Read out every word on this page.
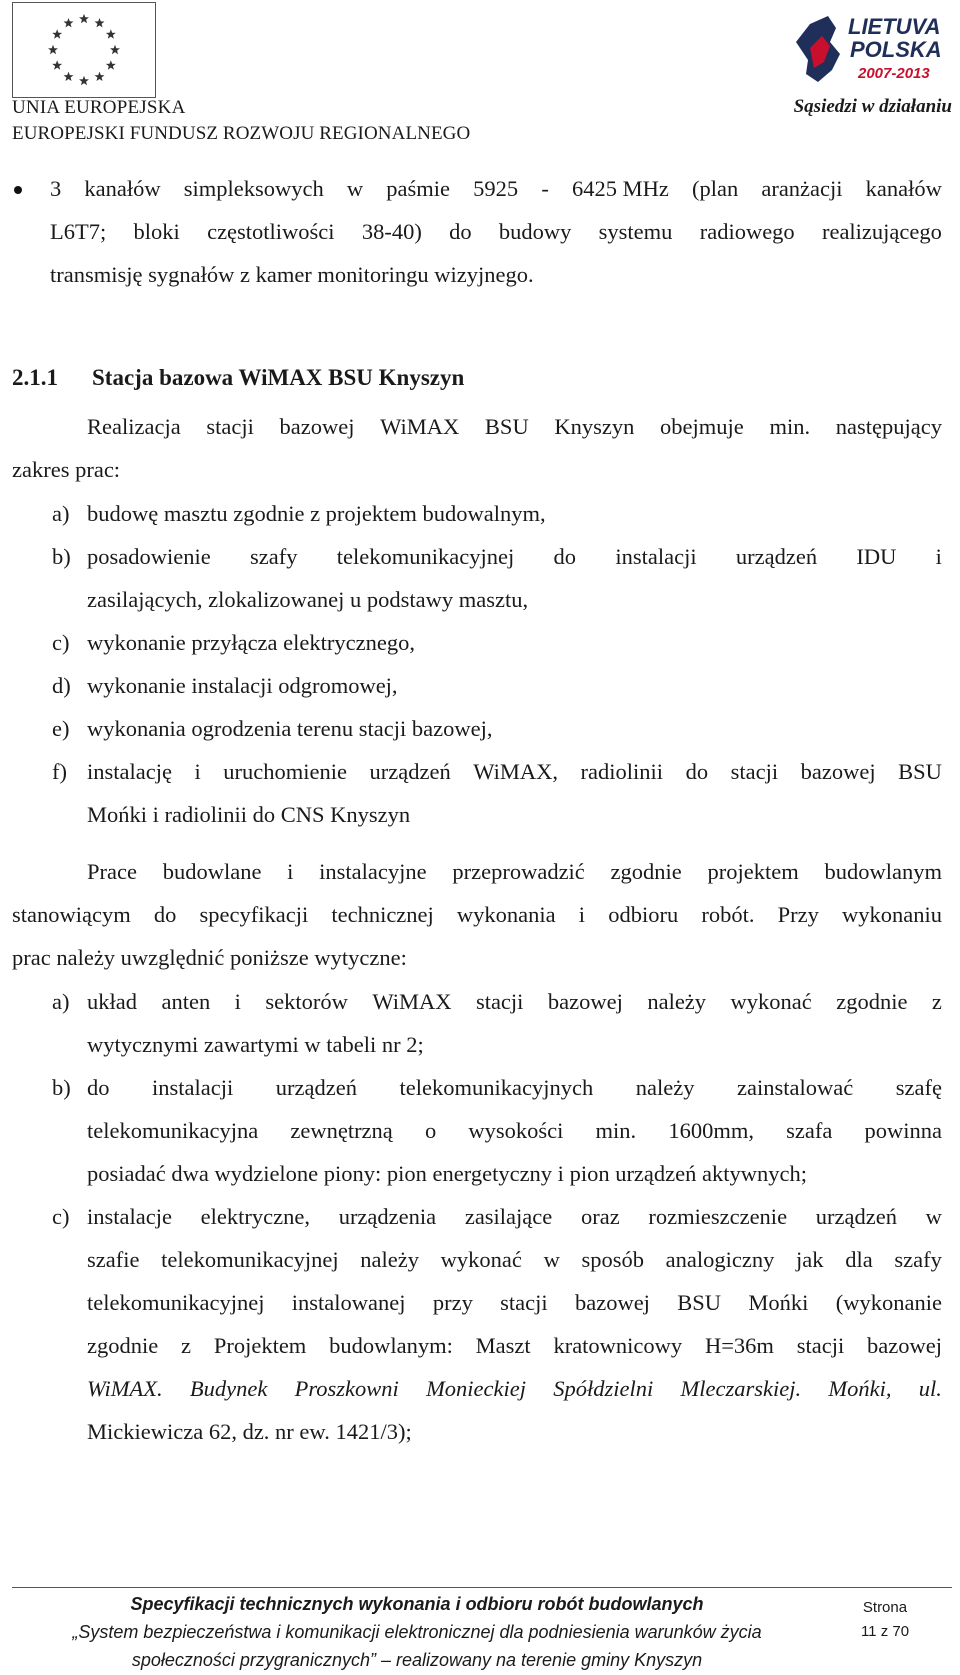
UNIA EUROPEJSKA
EUROPEJSKI FUNDUSZ ROZWOJU REGIONALNEGO
LIETUVA
POLSKA
2007-2013
Sąsiedzi w działaniu
3 kanałów simpleksowych w paśmie 5925 - 6425 MHz (plan aranżacji kanałów
L6T7; bloki częstotliwości 38-40) do budowy systemu radiowego realizującego
transmisję sygnałów z kamer monitoringu wizyjnego.
2.1.1 Stacja bazowa WiMAX BSU Knyszyn
Realizacja stacji bazowej WiMAX BSU Knyszyn obejmuje min. następujący
zakres prac:
a) budowę masztu zgodnie z projektem budowalnym,
b) posadowienie szafy telekomunikacyjnej do instalacji urządzeń IDU i
zasilających, zlokalizowanej u podstawy masztu,
c) wykonanie przyłącza elektrycznego,
d) wykonanie instalacji odgromowej,
e) wykonania ogrodzenia terenu stacji bazowej,
f) instalację i uruchomienie urządzeń WiMAX, radiolinii do stacji bazowej BSU
Mońki i radiolinii do CNS Knyszyn
Prace budowlane i instalacyjne przeprowadzić zgodnie projektem budowlanym
stanowiącym do specyfikacji technicznej wykonania i odbioru robót. Przy wykonaniu
prac należy uwzględnić poniższe wytyczne:
a) układ anten i sektorów WiMAX stacji bazowej należy wykonać zgodnie z
wytycznymi zawartymi w tabeli nr 2;
b) do instalacji urządzeń telekomunikacyjnych należy zainstalować szafę
telekomunikacyjna zewnętrzną o wysokości min. 1600mm, szafa powinna
posiadać dwa wydzielone piony: pion energetyczny i pion urządzeń aktywnych;
c) instalacje elektryczne, urządzenia zasilające oraz rozmieszczenie urządzeń w
szafie telekomunikacyjnej należy wykonać w sposób analogiczny jak dla szafy
telekomunikacyjnej instalowanej przy stacji bazowej BSU Mońki (wykonanie
zgodnie z Projektem budowlanym: Maszt kratownicowy H=36m stacji bazowej
WiMAX. Budynek Proszkowni Monieckiej Spółdzielni Mleczarskiej. Mońki, ul.
Mickiewicza 62, dz. nr ew. 1421/3);
Specyfikacji technicznych wykonania i odbioru robót budowlanych
„System bezpieczeństwa i komunikacji elektronicznej dla podniesienia warunków życia
społeczności przygranicznych” – realizowany na terenie gminy Knyszyn
Strona
11 z 70
